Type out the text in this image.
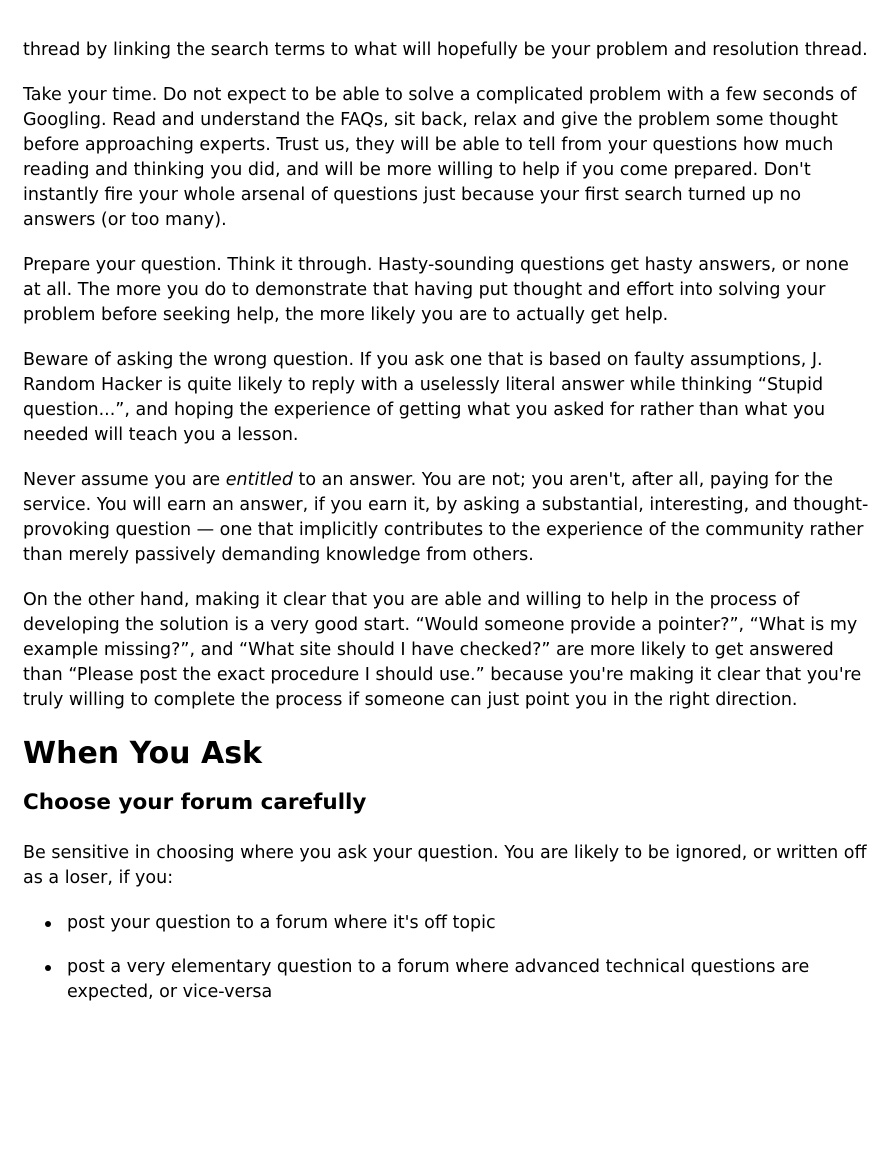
thread by linking the search terms to what will hopefully be your problem and resolution thread.

Take your time. Do not expect to be able to solve a complicated problem with a few seconds of Googling. Read and understand the FAQs, sit back, relax and give the problem some thought before approaching experts. Trust us, they will be able to tell from your questions how much reading and thinking you did, and will be more willing to help if you come prepared. Don't instantly fire your whole arsenal of questions just because your first search turned up no answers (or too many).

Prepare your question. Think it through. Hasty-sounding questions get hasty answers, or none at all. The more you do to demonstrate that having put thought and effort into solving your problem before seeking help, the more likely you are to actually get help.

Beware of asking the wrong question. If you ask one that is based on faulty assumptions, J. Random Hacker is quite likely to reply with a uselessly literal answer while thinking “Stupid question...”, and hoping the experience of getting what you asked for rather than what you needed will teach you a lesson.

Never assume you are entitled to an answer. You are not; you aren't, after all, paying for the service. You will earn an answer, if you earn it, by asking a substantial, interesting, and thought-provoking question — one that implicitly contributes to the experience of the community rather than merely passively demanding knowledge from others.

On the other hand, making it clear that you are able and willing to help in the process of developing the solution is a very good start. “Would someone provide a pointer?”, “What is my example missing?”, and “What site should I have checked?” are more likely to get answered than “Please post the exact procedure I should use.” because you're making it clear that you're truly willing to complete the process if someone can just point you in the right direction.

When You Ask
Choose your forum carefully

Be sensitive in choosing where you ask your question. You are likely to be ignored, or written off as a loser, if you:

post your question to a forum where it's off topic
post a very elementary question to a forum where advanced technical questions are expected, or vice-versa
